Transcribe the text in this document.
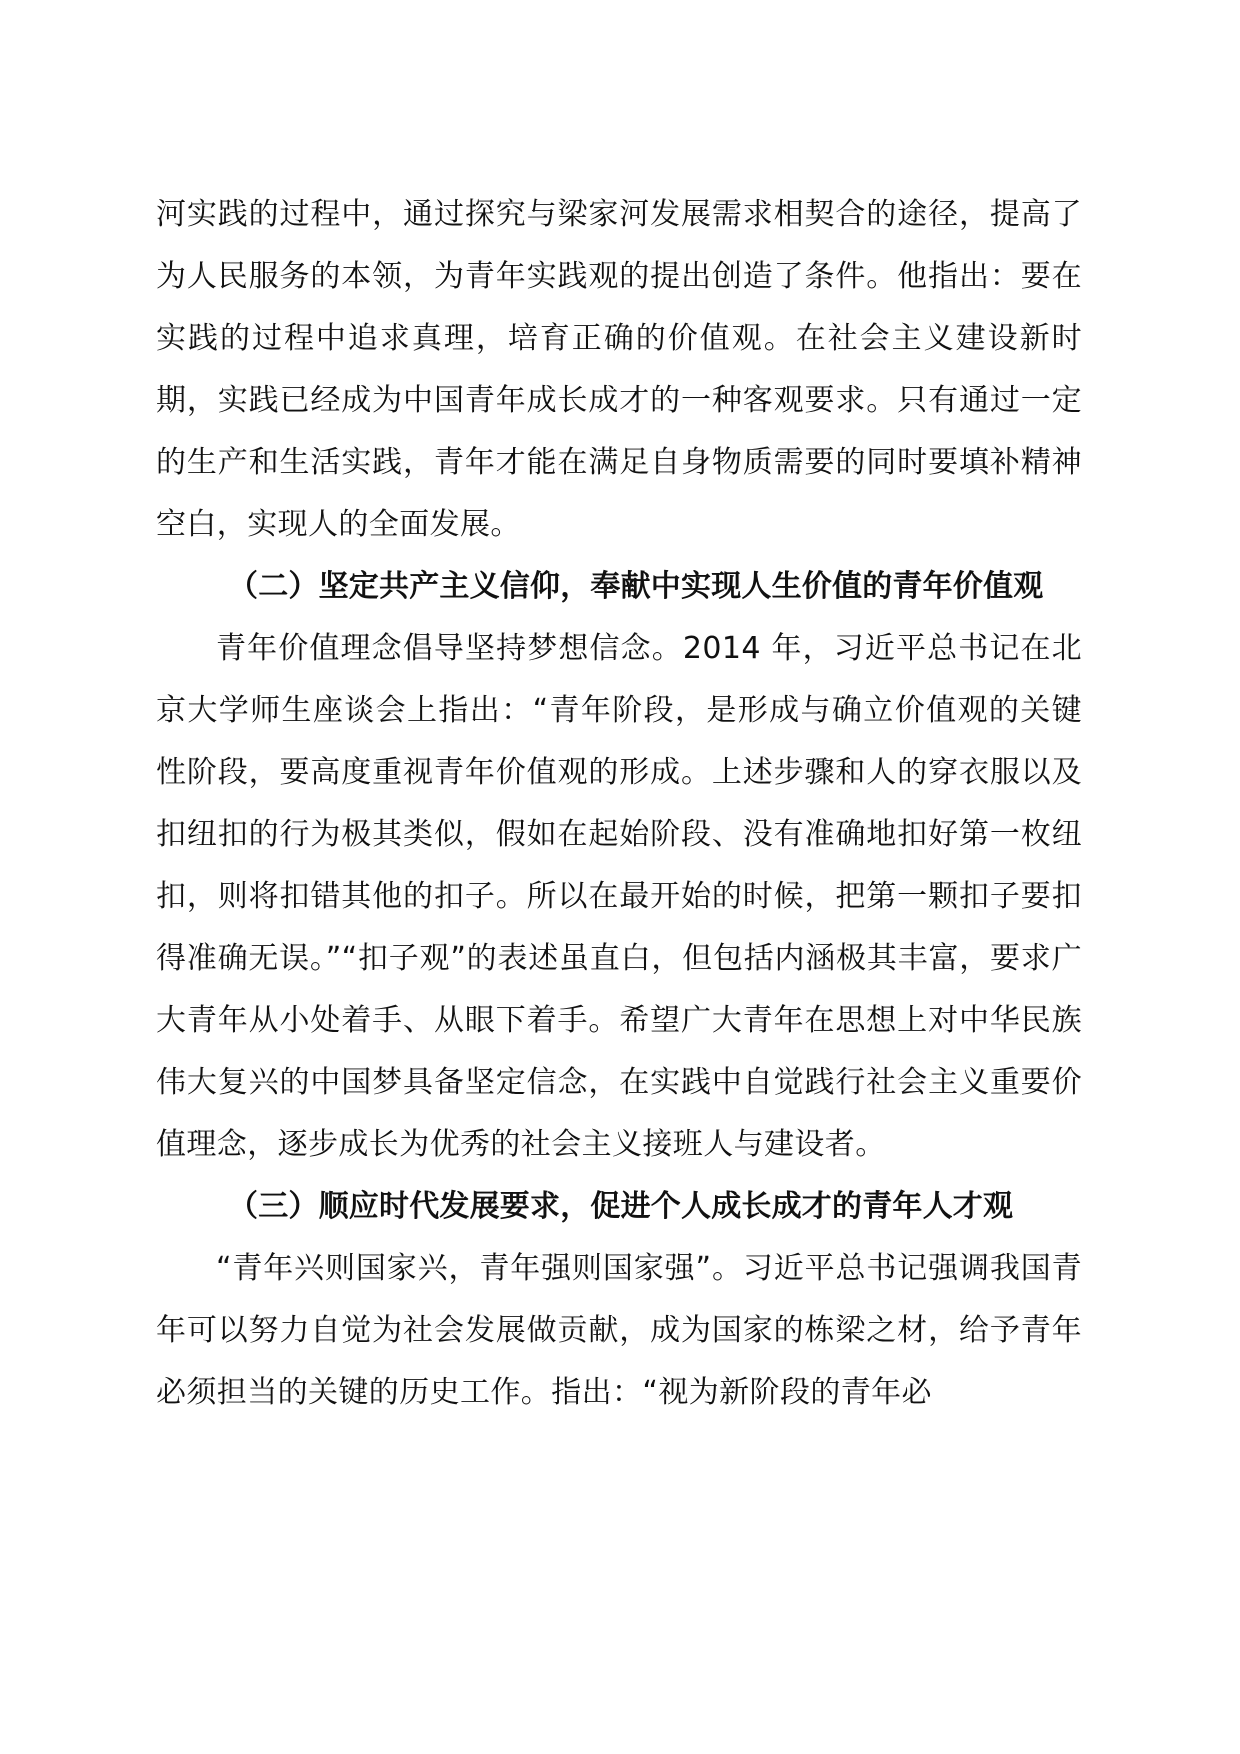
河实践的过程中，通过探究与梁家河发展需求相契合的途径，提高了为人民服务的本领，为青年实践观的提出创造了条件。他指出：要在实践的过程中追求真理，培育正确的价值观。在社会主义建设新时期，实践已经成为中国青年成长成才的一种客观要求。只有通过一定的生产和生活实践，青年才能在满足自身物质需要的同时要填补精神空白，实现人的全面发展。

（二）坚定共产主义信仰，奉献中实现人生价值的青年价值观

青年价值理念倡导坚持梦想信念。2014 年，习近平总书记在北京大学师生座谈会上指出：“青年阶段，是形成与确立价值观的关键性阶段，要高度重视青年价值观的形成。上述步骤和人的穿衣服以及扣纽扣的行为极其类似，假如在起始阶段、没有准确地扣好第一枚纽扣，则将扣错其他的扣子。所以在最开始的时候，把第一颗扣子要扣得准确无误。”“扣子观”的表述虽直白，但包括内涵极其丰富，要求广大青年从小处着手、从眼下着手。希望广大青年在思想上对中华民族伟大复兴的中国梦具备坚定信念，在实践中自觉践行社会主义重要价值理念，逐步成长为优秀的社会主义接班人与建设者。

（三）顺应时代发展要求，促进个人成长成才的青年人才观

“青年兴则国家兴，青年强则国家强”。习近平总书记强调我国青年可以努力自觉为社会发展做贡献，成为国家的栋梁之材，给予青年必须担当的关键的历史工作。指出：“视为新阶段的青年必
